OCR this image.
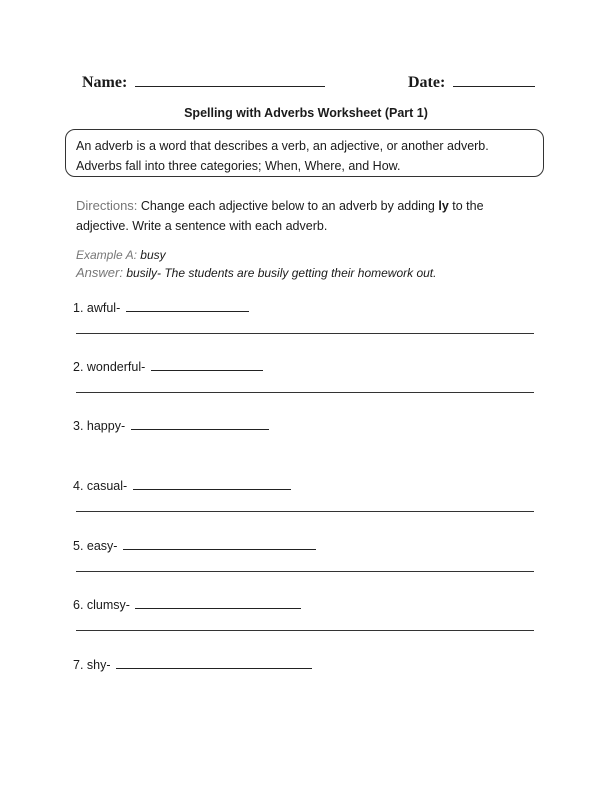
Name:	Date:
Spelling with Adverbs Worksheet (Part 1)
An adverb is a word that describes a verb, an adjective, or another adverb.
Adverbs fall into three categories; When, Where, and How.
Directions: Change each adjective below to an adverb by adding ly to the
adjective. Write a sentence with each adverb.
Example A: busy
Answer: busily- The students are busily getting their homework out.
1. awful-
2. wonderful-
3. happy-
4. casual-
5. easy-
6. clumsy-
7. shy-
